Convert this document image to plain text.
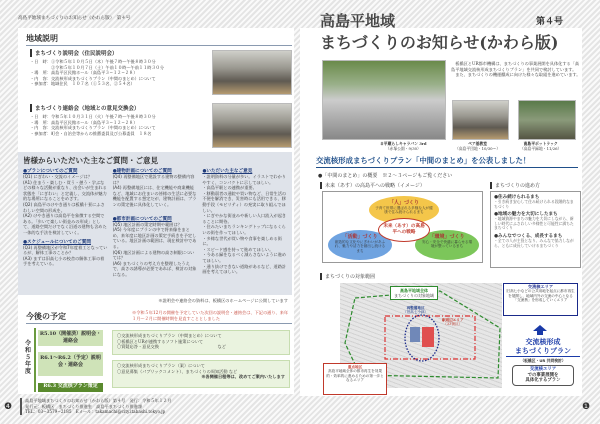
高島平地域まちづくりのお知らせ（かわら版）　第４号
地域説明
まちづくり説明会（住民説明会）
・日　時：①令和５年１０月５日（木）午後７時〜午後８時３０分
　　　　　②令和５年１０月７日（土）午前１０時〜午前１１時３０分
・場　所：高島平区民館ホール（高島平３−１２−２８）
・内　容：交流核形成まちづくりプラン（中間のまとめ）について
・参加者：地域住民　１０７名（①５３名、②５４名）
まちづくり連絡会（地域との意見交換会）
・日　時：令和５年１０月３１日（火）午後７時〜午後８時３０分
・場　所：高島平区民館ホール（高島平３−１２−２８）
・内　容：交流核形成まちづくりプラン（中間のまとめ）について
・参加者：町会・自治会等からの推薦委員及び公募委員　１８名
皆様からいただいた主なご質問・ご意見
●プランについてのご質問
(Q1) にぎわい・交流のイメージは？
(A1) 住まう・楽しむ・買う・憩う・学ぶなどの様々な活動が重なり、出会いが生まれる状態を「にぎわい」と定義し、交流体が魅力的な場所になることをめざす。
(Q2) 高島平のけやき通りは板橋十景にふさわしい空間の形成を。
(A2) けやき通りは高島平を象徴する空間である。「歩いて楽しい街並みの形成」として、道路空間だけでなく沿道の建物も含めた一体的な手法を検討していく。
●スケジュールについてのご質問
(Q3) 再整備地区が令和7年度着工となっているが、解体工事のことか？
(A3) まずは旧高七小の校舎の解体工事の着手を考えている。
●建物計画についてのご質問
(Q4) 再整備地区で建設する建物の整備内容は？
(A4) 再整備地区には、住宅機能や商業機能など、地域にお住まいの皆様の生活に必要な機能を配置する想定だが、建物計画は、プランの策定後に具体化していく。
●都市計画についてのご質問
(Q5) 地区計画の策定時期や範囲は？
(A5) 今年度にプランの中で将来像をまとめ、来年度に地区計画の策定手続きを予定している。地区計画の範囲は、現在検討中である。
(Q6) 地区計画による建物の高さ制限については？
(A6) まちづくりの考え方を整理したうえで、高さの誘導が必要であれば、検討の対象になる。
●いただいた主なご意見
・説明資料の分量が多い。イラストでわかりやすく、コンパクトに示してほしい。
・高島平駅との連携が重要。
・移動弱者の通院や買い物など、日常生活の不便を解消でき、災害時にも活用できる、移動手段（モビリティ）の充実に取り組んでほしい。
・にぎやかな街並みや新しい人口流入が起きることに期待。
・住みたいまちランキングトップになるくらいの街を作ってほしい。
・多様な世代が買い物や食事を楽しめる街に。
・スピード感を持って進めてほしい。
・今ある緑をなるべく減らさないように進めてほしい。
・通り抜けできない道路があるなど、道路計画を考えてほしい。
※説明会や連絡会の資料は、板橋区のホームページに公開しています
今後の予定	※令和５年12月の開催を予定していた次回の説明会・連絡会は、下記の通り、来年１月〜２月に開催時期を見直すこととしました
令和５年度
R5.10（開催済）説明会・連絡会
R6.1〜R6.2（予定）説明会・連絡会
R6.3 交流核プラン策定
〇交流核形成まちづくりプラン（中間まとめ）について
〇板橋区とURが連携するソフト施策について
〇質疑応答・意見交換　　　　　　　　　　　　　　など
〇交流核形成まちづくりプラン（案）について
〇意見募集（パブリックコメント）、まちづくりの周知活動 など
※各開催日程等は、改めてご案内いたします
❹
高島平地域まちづくりのお知らせ（かわら版）第４号　発行：令和５年１２月
発行元：板橋区　まちづくり推進室　高島平まちづくり推進課
TEL：03−3579−2185　Eメール：takamachi@city.itabashi.tokyo.jp
高島平地域
まちづくりのお知らせ(かわら版)
第４号
　板橋区とUR都市機構は、まちづくりの事業展開を具体化する「高島平地域交流核形成まちづくりプラン」を共同で検討しています。
　また、まちづくりの機運醸成に向けた様々な取組を進めています。
＃平蔵らしキャラバン 3rd
（赤塚公園・9/30）
ペア基教室
（高島平団地・10/30〜）
高島平ポットラック
（高島平緑地・11/26）
交流核形成まちづくりプラン「中間のまとめ」を公表しました！
●「中間のまとめ」の概要　※２〜３ページもご覧ください
未来（あす）の高島平への戦略（イメージ）
「人」づくり
子育て世帯に選ばれる多様な人が健康で住み続けられるまち
「活動」づくり
創造的な文化やにぎわいがあふれ、魅力や活力を創出し続けるまち
「環境」づくり
安心・安全で快適に暮らせる環境が整っているまち
未来（あす）の高島平への戦略
まちづくりの進め方
●住み続けられるまち
・引き続き安心して住み続けられる段階的なまちづくり
●地域の魅力を大切にしたまち
・地域資源やまちの魅力を大切にしながら、新しい時代にふさわしい多様性と可能性に満ちたまちづくり
●みんなでつくる、成長するまち
・全ての人が主役となり、みんなで協力しながら、ともに成長していけるまちづくり
まちづくりの対象範囲
高島平地域全体
まちづくりの対象地域
再整備地区
（旧高七小跡）
駅周辺エリア
（33街区）
重点地区
高島平地域全体の都市再生を効果的・効率的に進めるための第一歩となるエリア
交流核エリア
旧高七小などの公共用地を起点に都市再生を展開し、地域内外の交流の中心となる「交流核」を形成していくエリア
交流核形成
まちづくりプラン
（板橋区・UR 共同検討）
交流核エリア
での事業展開を
具体化するプラン
❶
